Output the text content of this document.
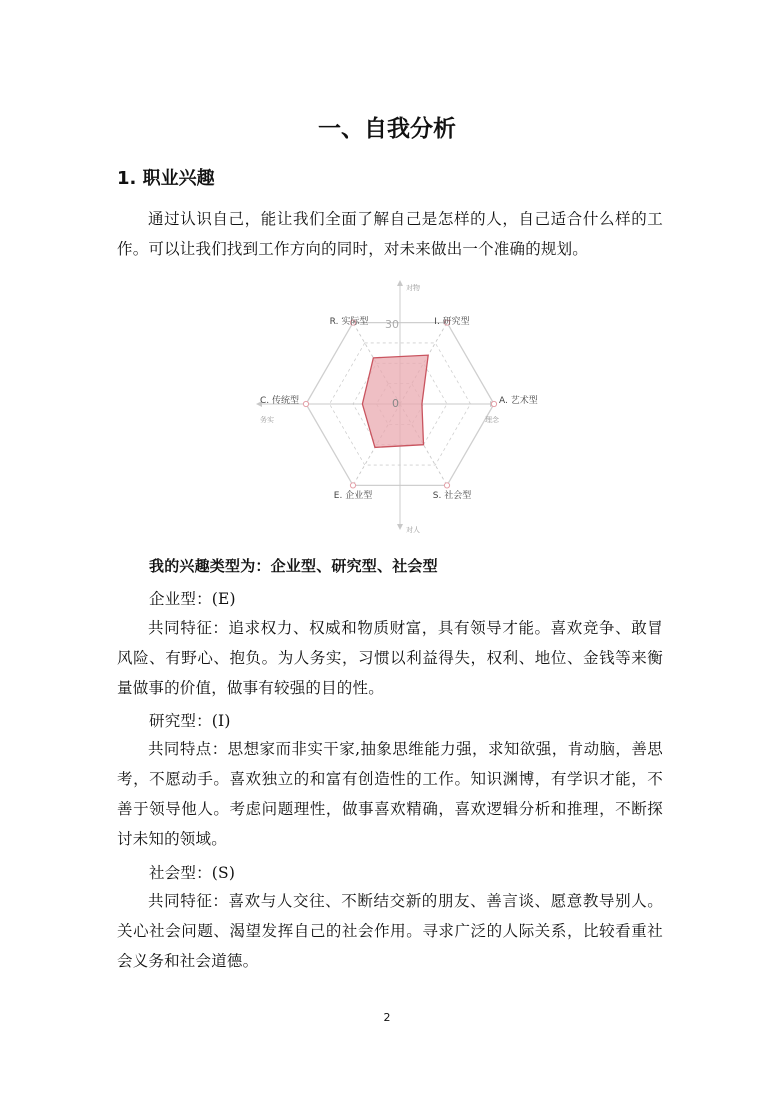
一、自我分析
1. 职业兴趣
通过认识自己，能让我们全面了解自己是怎样的人，自己适合什么样的工作。可以让我们找到工作方向的同时，对未来做出一个准确的规划。
R. 实际型	I. 研究型
A. 艺术型
S. 社会型
E. 企业型
C. 传统型
对物
对人
务实	理念
30
0
我的兴趣类型为：企业型、研究型、社会型
企业型：(E)
共同特征：追求权力、权威和物质财富，具有领导才能。喜欢竞争、敢冒风险、有野心、抱负。为人务实，习惯以利益得失，权利、地位、金钱等来衡量做事的价值，做事有较强的目的性。
研究型：(I)
共同特点：思想家而非实干家,抽象思维能力强，求知欲强，肯动脑，善思考，不愿动手。喜欢独立的和富有创造性的工作。知识渊博，有学识才能，不善于领导他人。考虑问题理性，做事喜欢精确，喜欢逻辑分析和推理，不断探讨未知的领域。
社会型：(S)
共同特征：喜欢与人交往、不断结交新的朋友、善言谈、愿意教导别人。关心社会问题、渴望发挥自己的社会作用。寻求广泛的人际关系，比较看重社会义务和社会道德。
2
